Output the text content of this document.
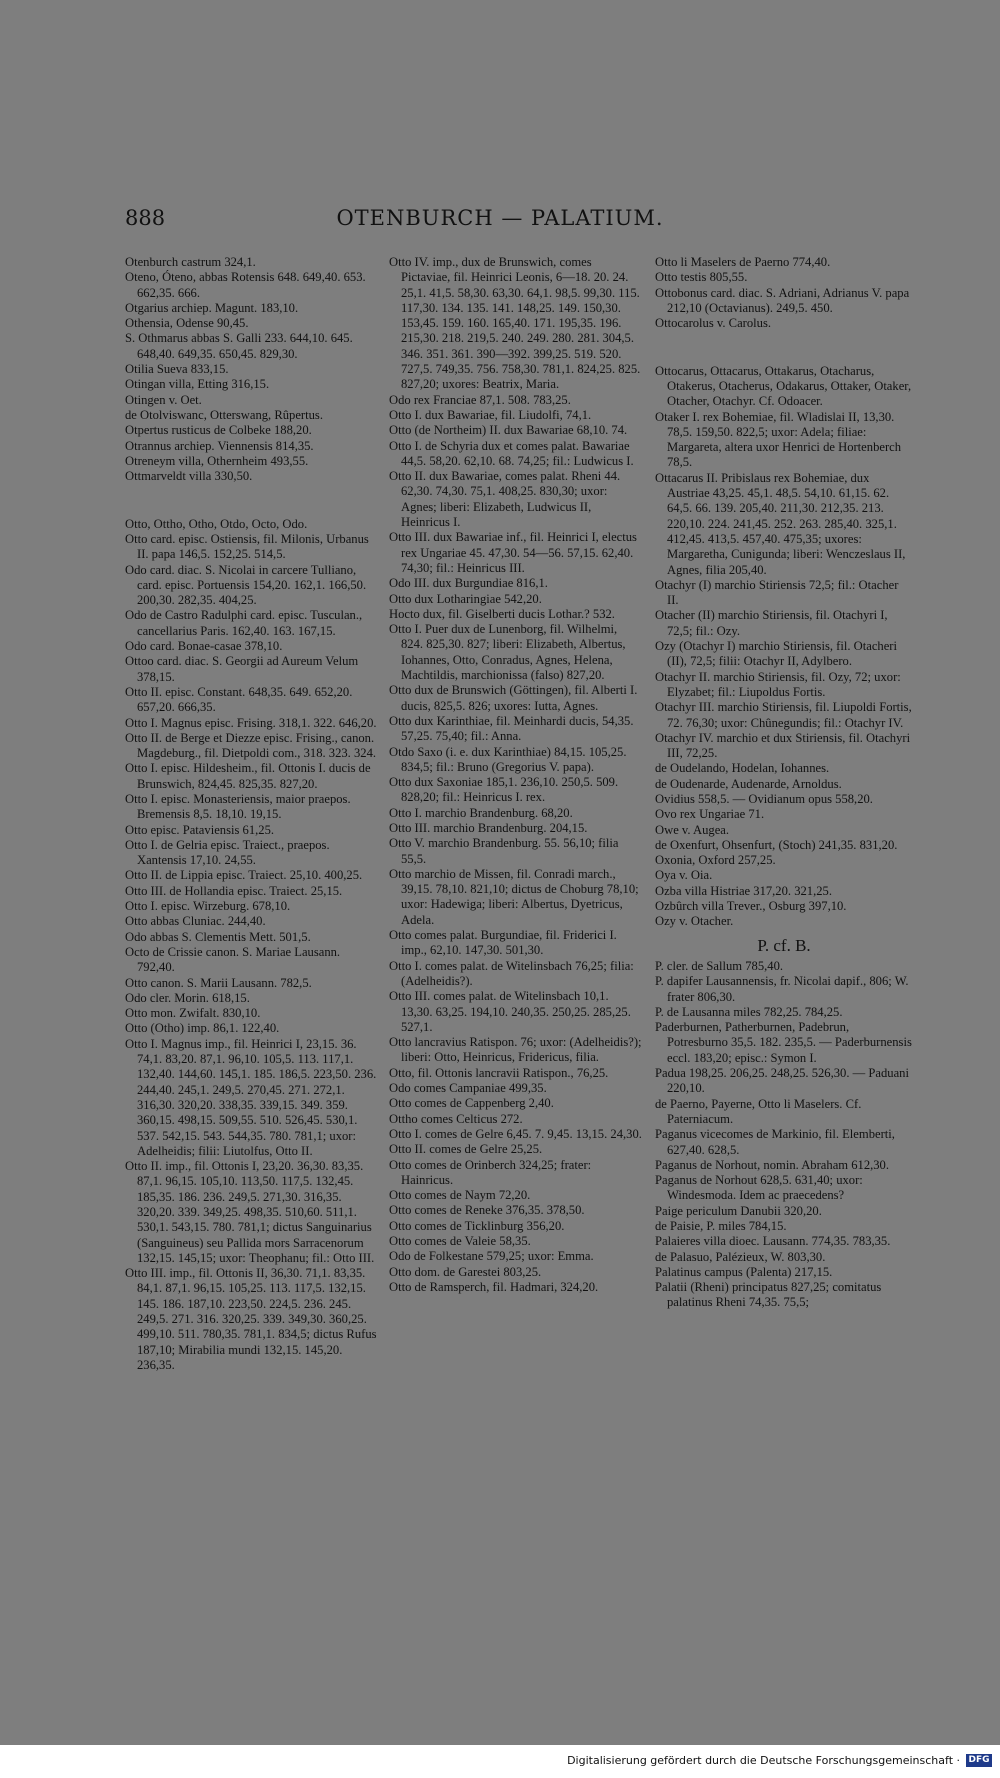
888	OTENBURCH — PALATIUM.

Otenburch castrum 324,1.

Oteno, Óteno, abbas Rotensis 648. 649,40. 653. 662,35. 666.

Otgarius archiep. Magunt. 183,10.

Othensia, Odense 90,45.

S. Othmarus abbas S. Galli 233. 644,10. 645. 648,40. 649,35. 650,45. 829,30.

Otilia Sueva 833,15.

Otingan villa, Etting 316,15.

Otingen v. Oet.

de Otolviswanc, Otterswang, Rûpertus.

Otpertus rusticus de Colbeke 188,20.

Otrannus archiep. Viennensis 814,35.

Otreneym villa, Othernheim 493,55.

Ottmarveldt villa 330,50.

Otto, Ottho, Otho, Otdo, Octo, Odo.

Otto card. episc. Ostiensis, fil. Milonis, Urbanus II. papa 146,5. 152,25. 514,5.

Odo card. diac. S. Nicolai in carcere Tulliano, card. episc. Portuensis 154,20. 162,1. 166,50. 200,30. 282,35. 404,25.

Odo de Castro Radulphi card. episc. Tusculan., cancellarius Paris. 162,40. 163. 167,15.

Odo card. Bonae-casae 378,10.

Ottoo card. diac. S. Georgii ad Aureum Velum 378,15.

Otto II. episc. Constant. 648,35. 649. 652,20. 657,20. 666,35.

Otto I. Magnus episc. Frising. 318,1. 322. 646,20.

Otto II. de Berge et Diezze episc. Frising., canon. Magdeburg., fil. Dietpoldi com., 318. 323. 324.

Otto I. episc. Hildesheim., fil. Ottonis I. ducis de Brunswich, 824,45. 825,35. 827,20.

Otto I. episc. Monasteriensis, maior praepos. Bremensis 8,5. 18,10. 19,15.

Otto episc. Pataviensis 61,25.

Otto I. de Gelria episc. Traiect., praepos. Xantensis 17,10. 24,55.

Otto II. de Lippia episc. Traiect. 25,10. 400,25.

Otto III. de Hollandia episc. Traiect. 25,15.

Otto I. episc. Wirzeburg. 678,10.

Otto abbas Cluniac. 244,40.

Odo abbas S. Clementis Mett. 501,5.

Octo de Crissie canon. S. Mariae Lausann. 792,40.

Otto canon. S. Marii Lausann. 782,5.

Odo cler. Morin. 618,15.

Otto mon. Zwifalt. 830,10.

Otto (Otho) imp. 86,1. 122,40.

Otto I. Magnus imp., fil. Heinrici I, 23,15. 36. 74,1. 83,20. 87,1. 96,10. 105,5. 113. 117,1. 132,40. 144,60. 145,1. 185. 186,5. 223,50. 236. 244,40. 245,1. 249,5. 270,45. 271. 272,1. 316,30. 320,20. 338,35. 339,15. 349. 359. 360,15. 498,15. 509,55. 510. 526,45. 530,1. 537. 542,15. 543. 544,35. 780. 781,1; uxor: Adelheidis; filii: Liutolfus, Otto II.

Otto II. imp., fil. Ottonis I, 23,20. 36,30. 83,35. 87,1. 96,15. 105,10. 113,50. 117,5. 132,45. 185,35. 186. 236. 249,5. 271,30. 316,35. 320,20. 339. 349,25. 498,35. 510,60. 511,1. 530,1. 543,15. 780. 781,1; dictus Sanguinarius (Sanguineus) seu Pallida mors Sarracenorum 132,15. 145,15; uxor: Theophanu; fil.: Otto III.

Otto III. imp., fil. Ottonis II, 36,30. 71,1. 83,35. 84,1. 87,1. 96,15. 105,25. 113. 117,5. 132,15. 145. 186. 187,10. 223,50. 224,5. 236. 245. 249,5. 271. 316. 320,25. 339. 349,30. 360,25. 499,10. 511. 780,35. 781,1. 834,5; dictus Rufus 187,10; Mirabilia mundi 132,15. 145,20. 236,35.

Otto IV. imp., dux de Brunswich, comes Pictaviae, fil. Heinrici Leonis, 6—18. 20. 24. 25,1. 41,5. 58,30. 63,30. 64,1. 98,5. 99,30. 115. 117,30. 134. 135. 141. 148,25. 149. 150,30. 153,45. 159. 160. 165,40. 171. 195,35. 196. 215,30. 218. 219,5. 240. 249. 280. 281. 304,5. 346. 351. 361. 390—392. 399,25. 519. 520. 727,5. 749,35. 756. 758,30. 781,1. 824,25. 825. 827,20; uxores: Beatrix, Maria.

Odo rex Franciae 87,1. 508. 783,25.

Otto I. dux Bawariae, fil. Liudolfi, 74,1.

Otto (de Northeim) II. dux Bawariae 68,10. 74.

Otto I. de Schyria dux et comes palat. Bawariae 44,5. 58,20. 62,10. 68. 74,25; fil.: Ludwicus I.

Otto II. dux Bawariae, comes palat. Rheni 44. 62,30. 74,30. 75,1. 408,25. 830,30; uxor: Agnes; liberi: Elizabeth, Ludwicus II, Heinricus I.

Otto III. dux Bawariae inf., fil. Heinrici I, electus rex Ungariae 45. 47,30. 54—56. 57,15. 62,40. 74,30; fil.: Heinricus III.

Odo III. dux Burgundiae 816,1.

Otto dux Lotharingiae 542,20.

Hocto dux, fil. Giselberti ducis Lothar.? 532.

Otto I. Puer dux de Lunenborg, fil. Wilhelmi, 824. 825,30. 827; liberi: Elizabeth, Albertus, Iohannes, Otto, Conradus, Agnes, Helena, Machtildis, marchionissa (falso) 827,20.

Otto dux de Brunswich (Göttingen), fil. Alberti I. ducis, 825,5. 826; uxores: Iutta, Agnes.

Otto dux Karinthiae, fil. Meinhardi ducis, 54,35. 57,25. 75,40; fil.: Anna.

Otdo Saxo (i. e. dux Karinthiae) 84,15. 105,25. 834,5; fil.: Bruno (Gregorius V. papa).

Otto dux Saxoniae 185,1. 236,10. 250,5. 509. 828,20; fil.: Heinricus I. rex.

Otto I. marchio Brandenburg. 68,20.

Otto III. marchio Brandenburg. 204,15.

Otto V. marchio Brandenburg. 55. 56,10; filia 55,5.

Otto marchio de Missen, fil. Conradi march., 39,15. 78,10. 821,10; dictus de Choburg 78,10; uxor: Hadewiga; liberi: Albertus, Dyetricus, Adela.

Otto comes palat. Burgundiae, fil. Friderici I. imp., 62,10. 147,30. 501,30.

Otto I. comes palat. de Witelinsbach 76,25; filia: (Adelheidis?).

Otto III. comes palat. de Witelinsbach 10,1. 13,30. 63,25. 194,10. 240,35. 250,25. 285,25. 527,1.

Otto lancravius Ratispon. 76; uxor: (Adelheidis?); liberi: Otto, Heinricus, Fridericus, filia.

Otto, fil. Ottonis lancravii Ratispon., 76,25.

Odo comes Campaniae 499,35.

Otto comes de Cappenberg 2,40.

Ottho comes Celticus 272.

Otto I. comes de Gelre 6,45. 7. 9,45. 13,15. 24,30.

Otto II. comes de Gelre 25,25.

Otto comes de Orinberch 324,25; frater: Hainricus.

Otto comes de Naym 72,20.

Otto comes de Reneke 376,35. 378,50.

Otto comes de Ticklinburg 356,20.

Otto comes de Valeie 58,35.

Odo de Folkestane 579,25; uxor: Emma.

Otto dom. de Garestei 803,25.

Otto de Ramsperch, fil. Hadmari, 324,20.

Otto li Maselers de Paerno 774,40.

Otto testis 805,55.

Ottobonus card. diac. S. Adriani, Adrianus V. papa 212,10 (Octavianus). 249,5. 450.

Ottocarolus v. Carolus.

Ottocarus, Ottacarus, Ottakarus, Otacharus, Otakerus, Otacherus, Odakarus, Ottaker, Otaker, Otacher, Otachyr. Cf. Odoacer.

Otaker I. rex Bohemiae, fil. Wladislai II, 13,30. 78,5. 159,50. 822,5; uxor: Adela; filiae: Margareta, altera uxor Henrici de Hortenberch 78,5.

Ottacarus II. Pribislaus rex Bohemiae, dux Austriae 43,25. 45,1. 48,5. 54,10. 61,15. 62. 64,5. 66. 139. 205,40. 211,30. 212,35. 213. 220,10. 224. 241,45. 252. 263. 285,40. 325,1. 412,45. 413,5. 457,40. 475,35; uxores: Margaretha, Cunigunda; liberi: Wenczeslaus II, Agnes, filia 205,40.

Otachyr (I) marchio Stiriensis 72,5; fil.: Otacher II.

Otacher (II) marchio Stiriensis, fil. Otachyri I, 72,5; fil.: Ozy.

Ozy (Otachyr I) marchio Stiriensis, fil. Otacheri (II), 72,5; filii: Otachyr II, Adylbero.

Otachyr II. marchio Stiriensis, fil. Ozy, 72; uxor: Elyzabet; fil.: Liupoldus Fortis.

Otachyr III. marchio Stiriensis, fil. Liupoldi Fortis, 72. 76,30; uxor: Chûnegundis; fil.: Otachyr IV.

Otachyr IV. marchio et dux Stiriensis, fil. Otachyri III, 72,25.

de Oudelando, Hodelan, Iohannes.

de Oudenarde, Audenarde, Arnoldus.

Ovidius 558,5. — Ovidianum opus 558,20.

Ovo rex Ungariae 71.

Owe v. Augea.

de Oxenfurt, Ohsenfurt, (Stoch) 241,35. 831,20.

Oxonia, Oxford 257,25.

Oya v. Oia.

Ozba villa Histriae 317,20. 321,25.

Ozbûrch villa Trever., Osburg 397,10.

Ozy v. Otacher.

P. cf. B.

P. cler. de Sallum 785,40.

P. dapifer Lausannensis, fr. Nicolai dapif., 806; W. frater 806,30.

P. de Lausanna miles 782,25. 784,25.

Paderburnen, Patherburnen, Padebrun, Potresburno 35,5. 182. 235,5. — Paderburnensis eccl. 183,20; episc.: Symon I.

Padua 198,25. 206,25. 248,25. 526,30. — Paduani 220,10.

de Paerno, Payerne, Otto li Maselers. Cf. Paterniacum.

Paganus vicecomes de Markinio, fil. Elemberti, 627,40. 628,5.

Paganus de Norhout, nomin. Abraham 612,30.

Paganus de Norhout 628,5. 631,40; uxor: Windesmoda. Idem ac praecedens?

Paige periculum Danubii 320,20.

de Paisie, P. miles 784,15.

Palaieres villa dioec. Lausann. 774,35. 783,35.

de Palasuo, Palézieux, W. 803,30.

Palatinus campus (Palenta) 217,15.

Palatii (Rheni) principatus 827,25; comitatus palatinus Rheni 74,35. 75,5;

Digitalisierung gefördert durch die Deutsche Forschungsgemeinschaft · DFG
